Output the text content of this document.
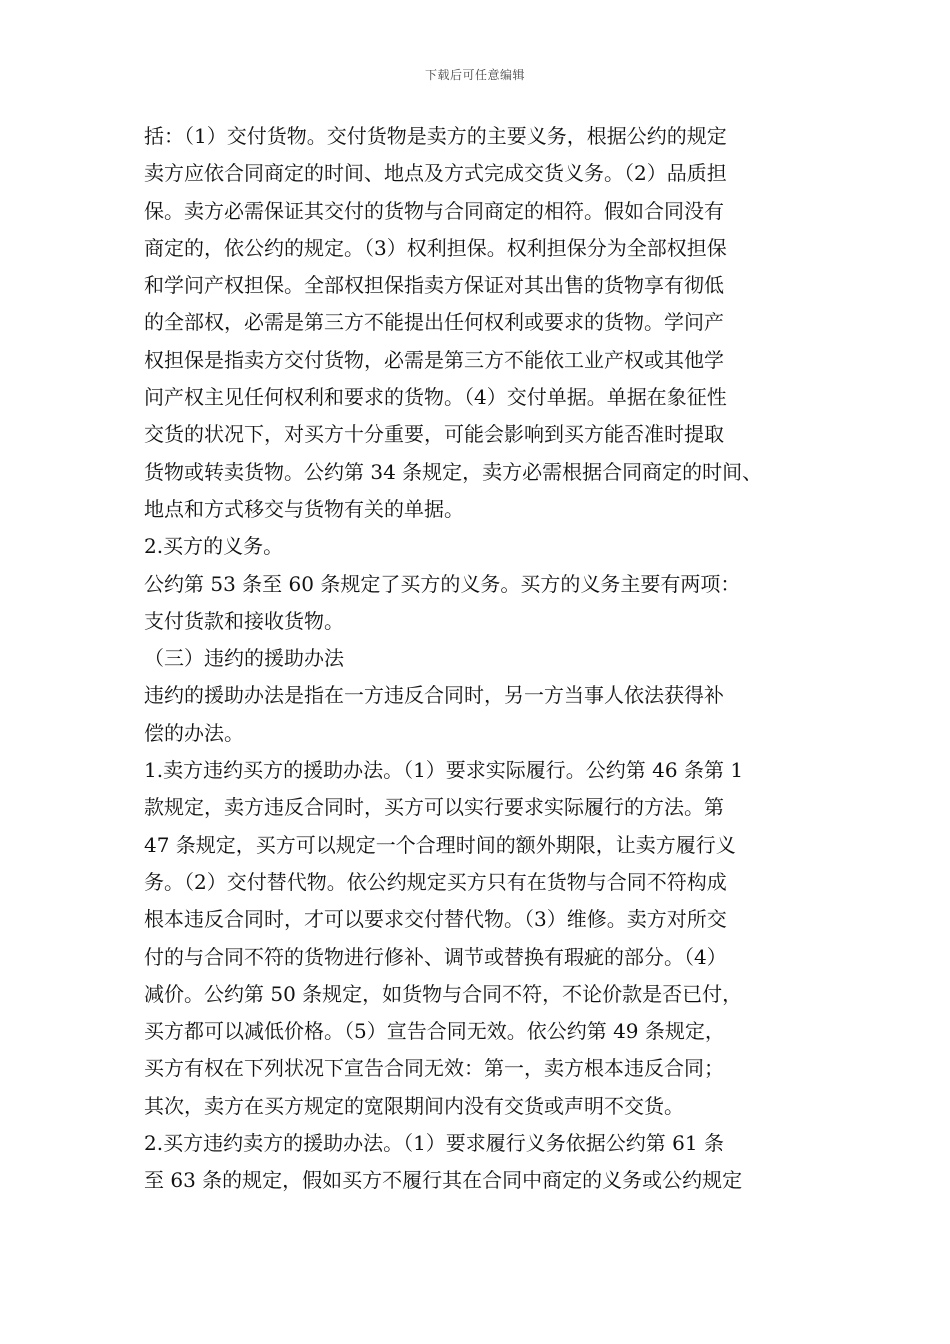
下载后可任意编辑
括：（1）交付货物。交付货物是卖方的主要义务，根据公约的规定
卖方应依合同商定的时间、地点及方式完成交货义务。（2）品质担
保。卖方必需保证其交付的货物与合同商定的相符。假如合同没有
商定的，依公约的规定。（3）权利担保。权利担保分为全部权担保
和学问产权担保。全部权担保指卖方保证对其出售的货物享有彻低
的全部权，必需是第三方不能提出任何权利或要求的货物。学问产
权担保是指卖方交付货物，必需是第三方不能依工业产权或其他学
问产权主见任何权利和要求的货物。（4）交付单据。单据在象征性
交货的状况下，对买方十分重要，可能会影响到买方能否准时提取
货物或转卖货物。公约第 34 条规定，卖方必需根据合同商定的时间、
地点和方式移交与货物有关的单据。
2.买方的义务。
公约第 53 条至 60 条规定了买方的义务。买方的义务主要有两项：
支付货款和接收货物。
（三）违约的援助办法
违约的援助办法是指在一方违反合同时，另一方当事人依法获得补
偿的办法。
1.卖方违约买方的援助办法。（1）要求实际履行。公约第 46 条第 1
款规定，卖方违反合同时，买方可以实行要求实际履行的方法。第
47 条规定，买方可以规定一个合理时间的额外期限，让卖方履行义
务。（2）交付替代物。依公约规定买方只有在货物与合同不符构成
根本违反合同时，才可以要求交付替代物。（3）维修。卖方对所交
付的与合同不符的货物进行修补、调节或替换有瑕疵的部分。（4）
减价。公约第 50 条规定，如货物与合同不符，不论价款是否已付，
买方都可以减低价格。（5）宣告合同无效。依公约第 49 条规定，
买方有权在下列状况下宣告合同无效：第一，卖方根本违反合同；
其次，卖方在买方规定的宽限期间内没有交货或声明不交货。
2.买方违约卖方的援助办法。（1）要求履行义务依据公约第 61 条
至 63 条的规定，假如买方不履行其在合同中商定的义务或公约规定
